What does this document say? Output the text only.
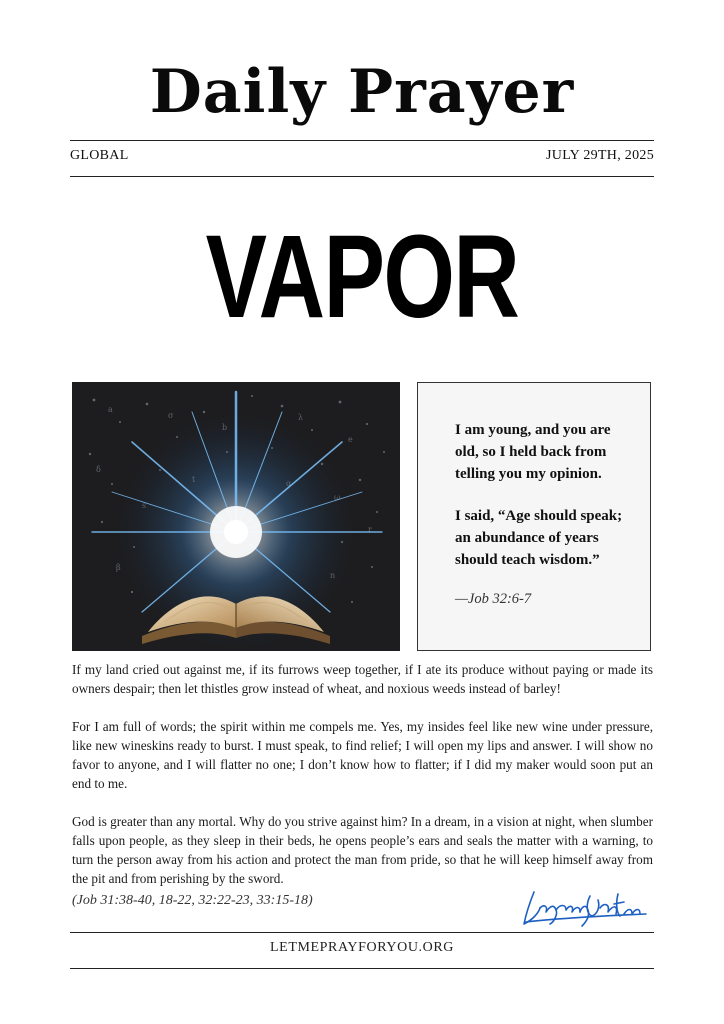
Daily Prayer
GLOBAL	JULY 29TH, 2025
VAPOR
a
σ	λ
e
δ
r
β

I am young, and you are old, so I held back from telling you my opinion.

I said, “Age should speak; an abundance of years should teach wisdom.”

—Job 32:6-7

If my land cried out against me, if its furrows weep together, if I ate its produce without paying or made its owners despair; then let thistles grow instead of wheat, and noxious weeds instead of barley!

For I am full of words; the spirit within me compels me. Yes, my insides feel like new wine under pressure, like new wineskins ready to burst. I must speak, to find relief; I will open my lips and answer. I will show no favor to anyone, and I will flatter no one; I don’t know how to flatter; if I did my maker would soon put an end to me.

God is greater than any mortal. Why do you strive against him? In a dream, in a vision at night, when slumber falls upon people, as they sleep in their beds, he opens people’s ears and seals the matter with a warning, to turn the person away from his action and protect the man from pride, so that he will keep himself away from the pit and from perishing by the sword.

(Job 31:38-40, 18-22, 32:22-23, 33:15-18)
LETMEPRAYFORYOU.ORG
